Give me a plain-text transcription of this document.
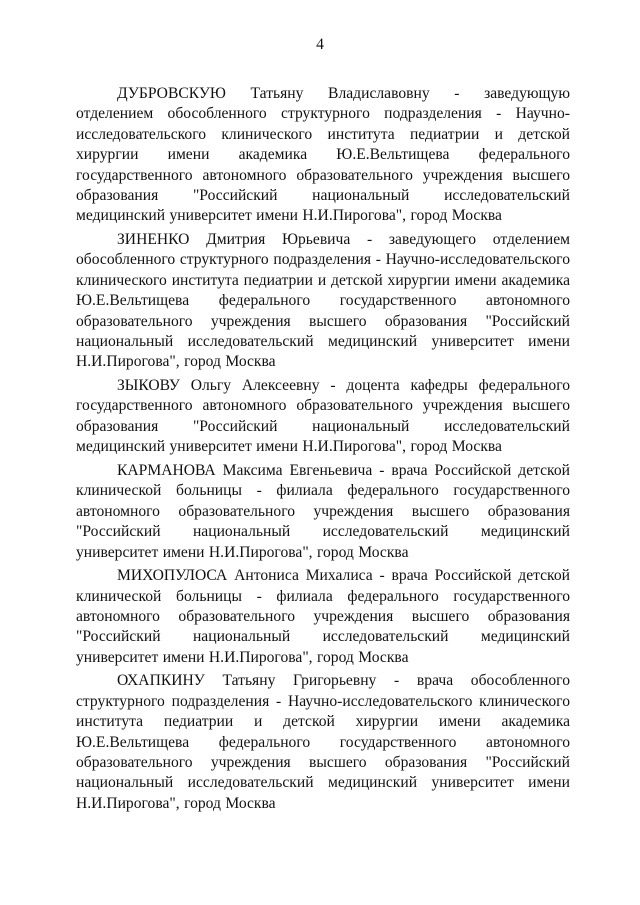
4

ДУБРОВСКУЮ Татьяну Владиславовну - заведующую отделением обособленного структурного подразделения - Научно-исследовательского клинического института педиатрии и детской хирургии имени академика Ю.Е.Вельтищева федерального государственного автономного образовательного учреждения высшего образования "Российский национальный исследовательский медицинский университет имени Н.И.Пирогова", город Москва

ЗИНЕНКО Дмитрия Юрьевича - заведующего отделением обособленного структурного подразделения - Научно-исследовательского клинического института педиатрии и детской хирургии имени академика Ю.Е.Вельтищева федерального государственного автономного образовательного учреждения высшего образования "Российский национальный исследовательский медицинский университет имени Н.И.Пирогова", город Москва

ЗЫКОВУ Ольгу Алексеевну - доцента кафедры федерального государственного автономного образовательного учреждения высшего образования "Российский национальный исследовательский медицинский университет имени Н.И.Пирогова", город Москва

КАРМАНОВА Максима Евгеньевича - врача Российской детской клинической больницы - филиала федерального государственного автономного образовательного учреждения высшего образования "Российский национальный исследовательский медицинский университет имени Н.И.Пирогова", город Москва

МИХОПУЛОСА Антониса Михалиса - врача Российской детской клинической больницы - филиала федерального государственного автономного образовательного учреждения высшего образования "Российский национальный исследовательский медицинский университет имени Н.И.Пирогова", город Москва

ОХАПКИНУ Татьяну Григорьевну - врача обособленного структурного подразделения - Научно-исследовательского клинического института педиатрии и детской хирургии имени академика Ю.Е.Вельтищева федерального государственного автономного образовательного учреждения высшего образования "Российский национальный исследовательский медицинский университет имени Н.И.Пирогова", город Москва
